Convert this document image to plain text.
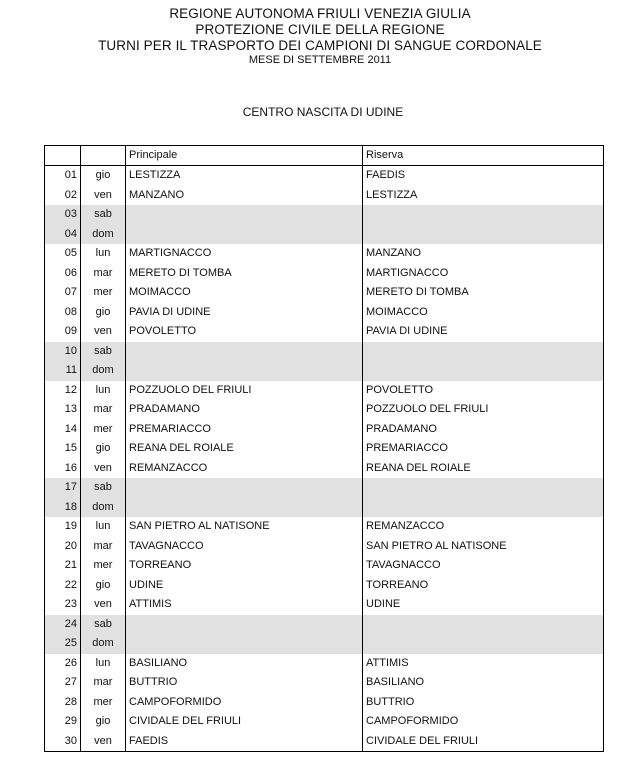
REGIONE AUTONOMA FRIULI VENEZIA GIULIA
PROTEZIONE CIVILE DELLA REGIONE
TURNI PER IL TRASPORTO DEI CAMPIONI DI SANGUE CORDONALE
MESE DI SETTEMBRE 2011
CENTRO NASCITA DI UDINE
		Principale	Riserva
01	gio	LESTIZZA	FAEDIS
02	ven	MANZANO	LESTIZZA
03	sab		
04	dom		
05	lun	MARTIGNACCO	MANZANO
06	mar	MERETO DI TOMBA	MARTIGNACCO
07	mer	MOIMACCO	MERETO DI TOMBA
08	gio	PAVIA DI UDINE	MOIMACCO
09	ven	POVOLETTO	PAVIA DI UDINE
10	sab		
11	dom		
12	lun	POZZUOLO DEL FRIULI	POVOLETTO
13	mar	PRADAMANO	POZZUOLO DEL FRIULI
14	mer	PREMARIACCO	PRADAMANO
15	gio	REANA DEL ROIALE	PREMARIACCO
16	ven	REMANZACCO	REANA DEL ROIALE
17	sab		
18	dom		
19	lun	SAN PIETRO AL NATISONE	REMANZACCO
20	mar	TAVAGNACCO	SAN PIETRO AL NATISONE
21	mer	TORREANO	TAVAGNACCO
22	gio	UDINE	TORREANO
23	ven	ATTIMIS	UDINE
24	sab		
25	dom		
26	lun	BASILIANO	ATTIMIS
27	mar	BUTTRIO	BASILIANO
28	mer	CAMPOFORMIDO	BUTTRIO
29	gio	CIVIDALE DEL FRIULI	CAMPOFORMIDO
30	ven	FAEDIS	CIVIDALE DEL FRIULI
